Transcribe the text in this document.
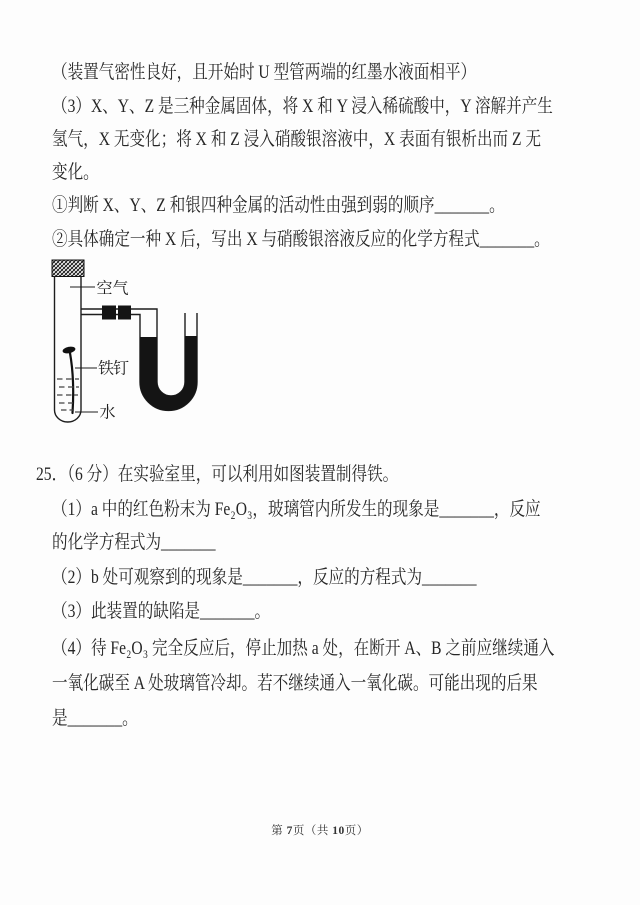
（装置气密性良好，且开始时 U 型管两端的红墨水液面相平）
（3）X、Y、Z 是三种金属固体，将 X 和 Y 浸入稀硫酸中，Y 溶解并产生
氢气，X 无变化；将 X 和 Z 浸入硝酸银溶液中，X 表面有银析出而 Z 无
变化。
①判断 X、Y、Z 和银四种金属的活动性由强到弱的顺序_______。
②具体确定一种 X 后，写出 X 与硝酸银溶液反应的化学方程式_______。
空气
铁钉
水
25．（6 分）在实验室里，可以利用如图装置制得铁。
（1）a 中的红色粉末为 Fe₂O₃，玻璃管内所发生的现象是_______，反应
的化学方程式为_______
（2）b 处可观察到的现象是_______，反应的方程式为_______
（3）此装置的缺陷是_______。
（4）待 Fe₂O₃ 完全反应后，停止加热 a 处，在断开 A、B 之前应继续通入
一氧化碳至 A 处玻璃管冷却。若不继续通入一氧化碳。可能出现的后果
是_______。
第 7页（共 10页）
